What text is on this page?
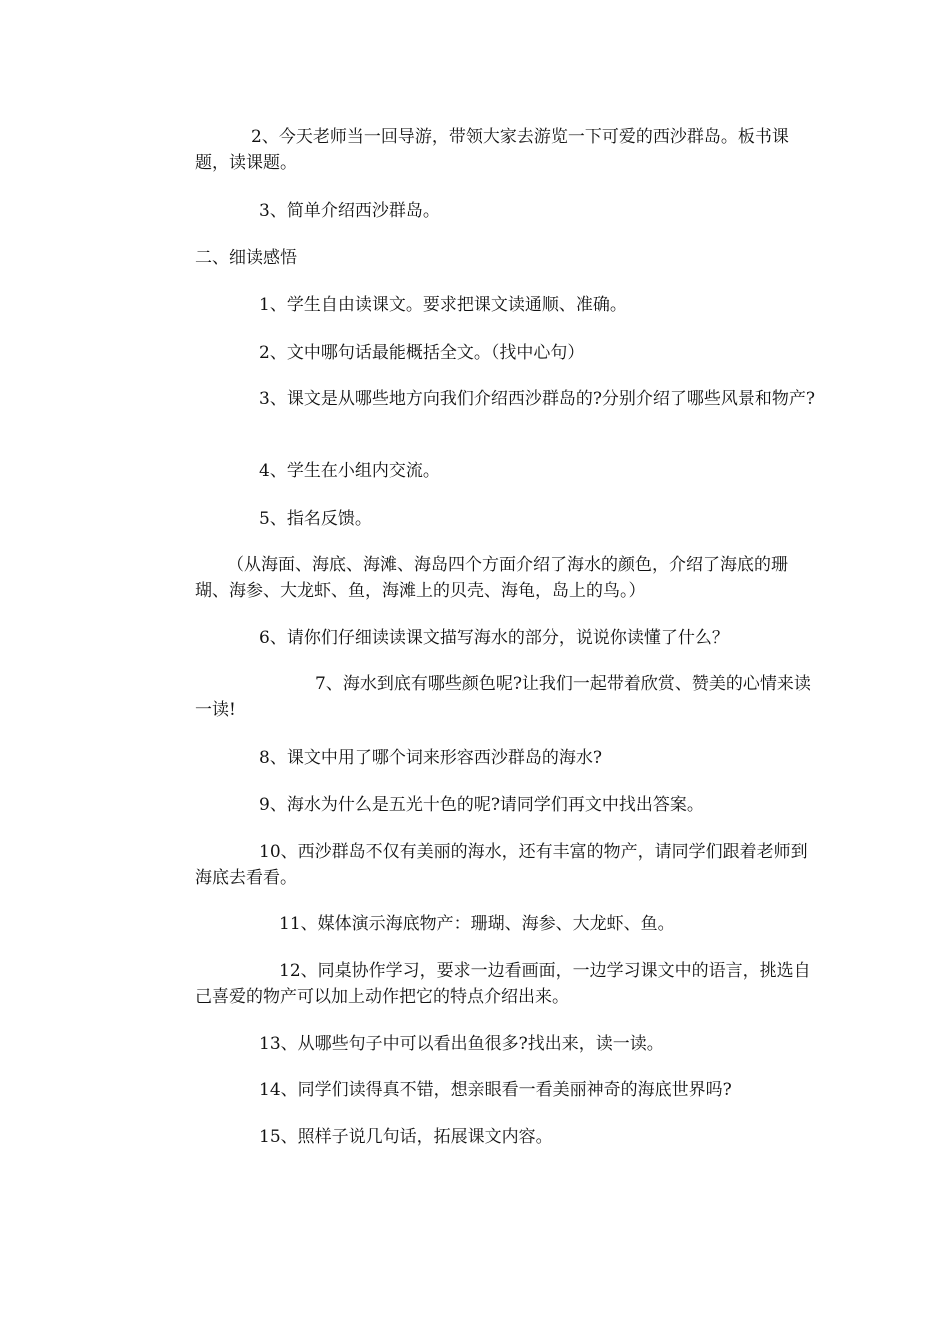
2、今天老师当一回导游，带领大家去游览一下可爱的西沙群岛。板书课题，读课题。

3、简单介绍西沙群岛。

二、细读感悟

1、学生自由读课文。要求把课文读通顺、准确。

2、文中哪句话最能概括全文。（找中心句）

3、课文是从哪些地方向我们介绍西沙群岛的?分别介绍了哪些风景和物产?

4、学生在小组内交流。

5、指名反馈。

（从海面、海底、海滩、海岛四个方面介绍了海水的颜色，介绍了海底的珊瑚、海参、大龙虾、鱼，海滩上的贝壳、海龟，岛上的鸟。）

6、请你们仔细读读课文描写海水的部分，说说你读懂了什么？

7、海水到底有哪些颜色呢?让我们一起带着欣赏、赞美的心情来读一读!

8、课文中用了哪个词来形容西沙群岛的海水?

9、海水为什么是五光十色的呢?请同学们再文中找出答案。

10、西沙群岛不仅有美丽的海水，还有丰富的物产，请同学们跟着老师到海底去看看。

11、媒体演示海底物产：珊瑚、海参、大龙虾、鱼。

12、同桌协作学习，要求一边看画面，一边学习课文中的语言，挑选自己喜爱的物产可以加上动作把它的特点介绍出来。

13、从哪些句子中可以看出鱼很多?找出来，读一读。

14、同学们读得真不错，想亲眼看一看美丽神奇的海底世界吗?

15、照样子说几句话，拓展课文内容。
